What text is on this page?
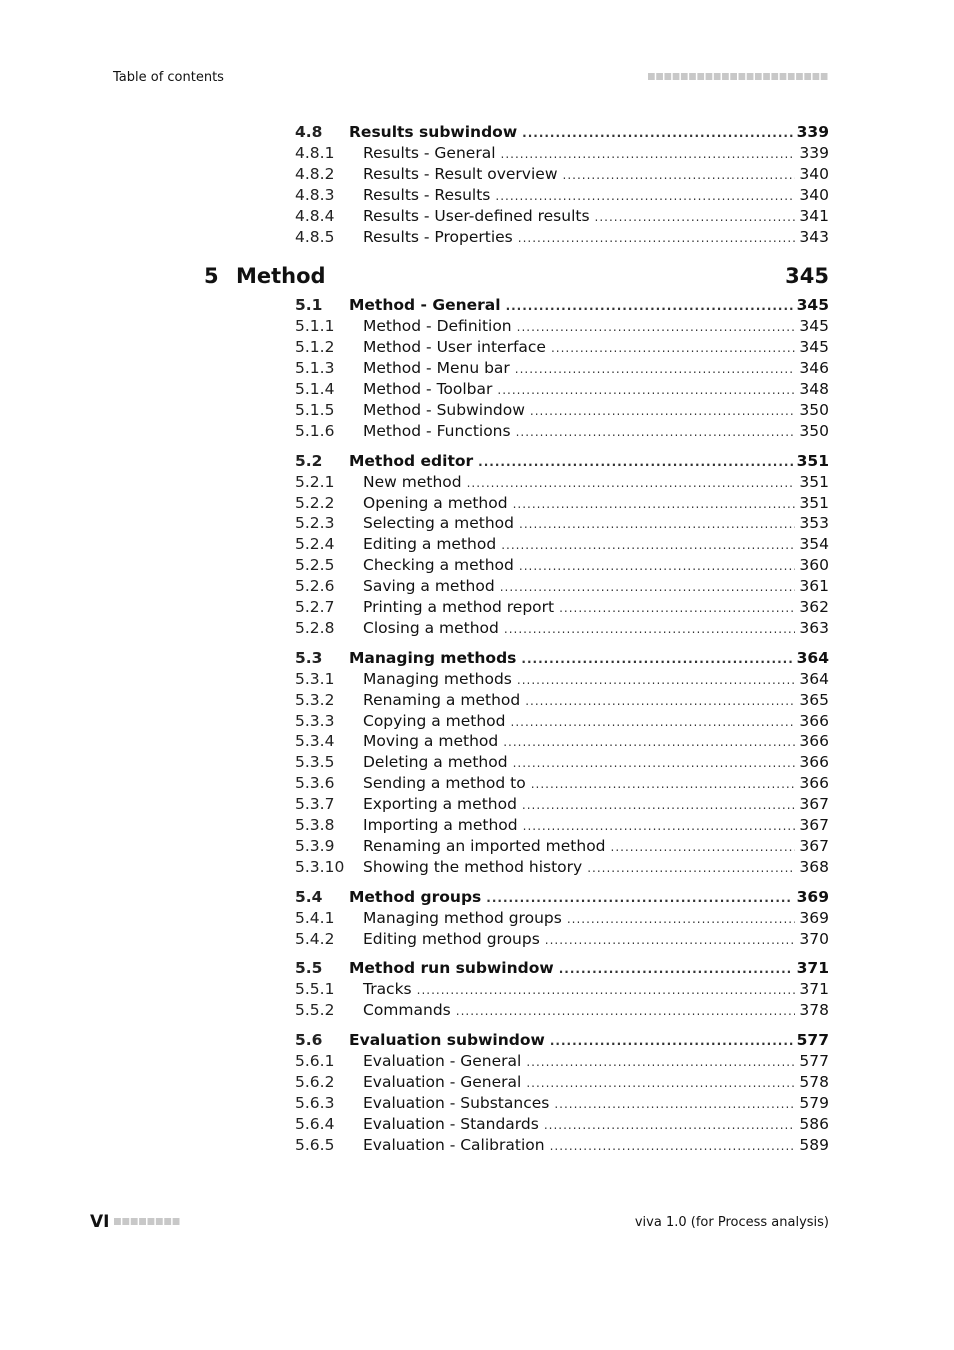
Table of contents
4.8	Results subwindow .....	339
4.8.1	Results - General .....	339
4.8.2	Results - Result overview .....	340
4.8.3	Results - Results .....	340
4.8.4	Results - User-defined results .....	341
4.8.5	Results - Properties .....	343
5 Method	345
5.1	Method - General .....	345
5.1.1	Method - Definition .....	345
5.1.2	Method - User interface .....	345
5.1.3	Method - Menu bar .....	346
5.1.4	Method - Toolbar .....	348
5.1.5	Method - Subwindow .....	350
5.1.6	Method - Functions .....	350
5.2	Method editor .....	351
5.2.1	New method .....	351
5.2.2	Opening a method .....	351
5.2.3	Selecting a method .....	353
5.2.4	Editing a method .....	354
5.2.5	Checking a method .....	360
5.2.6	Saving a method .....	361
5.2.7	Printing a method report .....	362
5.2.8	Closing a method .....	363
5.3	Managing methods .....	364
5.3.1	Managing methods .....	364
5.3.2	Renaming a method .....	365
5.3.3	Copying a method .....	366
5.3.4	Moving a method .....	366
5.3.5	Deleting a method .....	366
5.3.6	Sending a method to .....	366
5.3.7	Exporting a method .....	367
5.3.8	Importing a method .....	367
5.3.9	Renaming an imported method .....	367
5.3.10	Showing the method history .....	368
5.4	Method groups .....	369
5.4.1	Managing method groups .....	369
5.4.2	Editing method groups .....	370
5.5	Method run subwindow .....	371
5.5.1	Tracks .....	371
5.5.2	Commands .....	378
5.6	Evaluation subwindow .....	577
5.6.1	Evaluation - General .....	577
5.6.2	Evaluation - General .....	578
5.6.3	Evaluation - Substances .....	579
5.6.4	Evaluation - Standards .....	586
5.6.5	Evaluation - Calibration .....	589
VI	viva 1.0 (for Process analysis)
